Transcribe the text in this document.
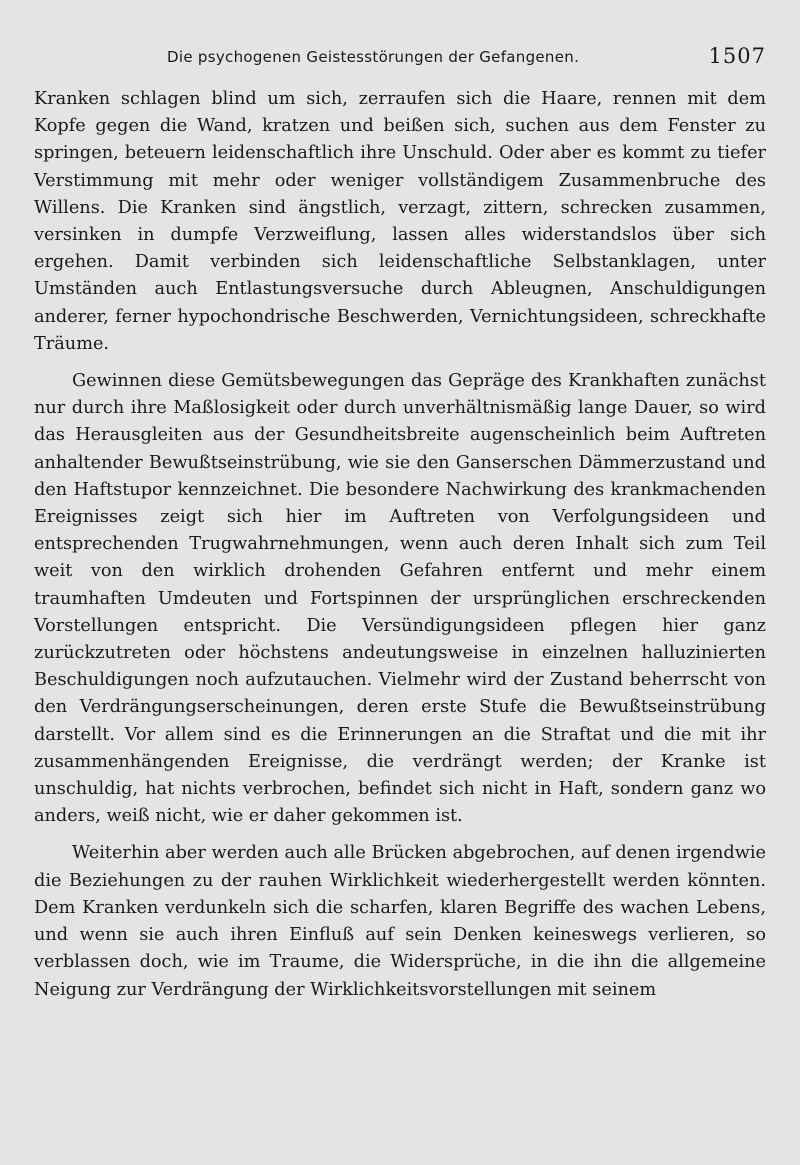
Die psychogenen Geistesstörungen der Gefangenen.	1507

Kranken schlagen blind um sich, zerraufen sich die Haare, rennen mit dem Kopfe gegen die Wand, kratzen und beißen sich, suchen aus dem Fenster zu springen, beteuern leidenschaftlich ihre Unschuld. Oder aber es kommt zu tiefer Verstimmung mit mehr oder weniger vollständigem Zusammenbruche des Willens. Die Kranken sind ängstlich, verzagt, zittern, schrecken zusammen, versinken in dumpfe Verzweiflung, lassen alles widerstandslos über sich ergehen. Damit verbinden sich leidenschaftliche Selbstanklagen, unter Umständen auch Entlastungsversuche durch Ableugnen, Anschuldigungen anderer, ferner hypochondrische Beschwerden, Vernichtungsideen, schreckhafte Träume.

Gewinnen diese Gemütsbewegungen das Gepräge des Krankhaften zunächst nur durch ihre Maßlosigkeit oder durch unverhältnismäßig lange Dauer, so wird das Herausgleiten aus der Gesundheitsbreite augenscheinlich beim Auftreten anhaltender Bewußtseinstrübung, wie sie den Ganserschen Dämmerzustand und den Haftstupor kennzeichnet. Die besondere Nachwirkung des krankmachenden Ereignisses zeigt sich hier im Auftreten von Verfolgungsideen und entsprechenden Trugwahrnehmungen, wenn auch deren Inhalt sich zum Teil weit von den wirklich drohenden Gefahren entfernt und mehr einem traumhaften Umdeuten und Fortspinnen der ursprünglichen erschreckenden Vorstellungen entspricht. Die Versündigungsideen pflegen hier ganz zurückzutreten oder höchstens andeutungsweise in einzelnen halluzinierten Beschuldigungen noch aufzutauchen. Vielmehr wird der Zustand beherrscht von den Verdrängungserscheinungen, deren erste Stufe die Bewußtseinstrübung darstellt. Vor allem sind es die Erinnerungen an die Straftat und die mit ihr zusammenhängenden Ereignisse, die verdrängt werden; der Kranke ist unschuldig, hat nichts verbrochen, befindet sich nicht in Haft, sondern ganz wo anders, weiß nicht, wie er daher gekommen ist.

Weiterhin aber werden auch alle Brücken abgebrochen, auf denen irgendwie die Beziehungen zu der rauhen Wirklichkeit wiederhergestellt werden könnten. Dem Kranken verdunkeln sich die scharfen, klaren Begriffe des wachen Lebens, und wenn sie auch ihren Einfluß auf sein Denken keineswegs verlieren, so verblassen doch, wie im Traume, die Widersprüche, in die ihn die allgemeine Neigung zur Verdrängung der Wirklichkeitsvorstellungen mit seinem
